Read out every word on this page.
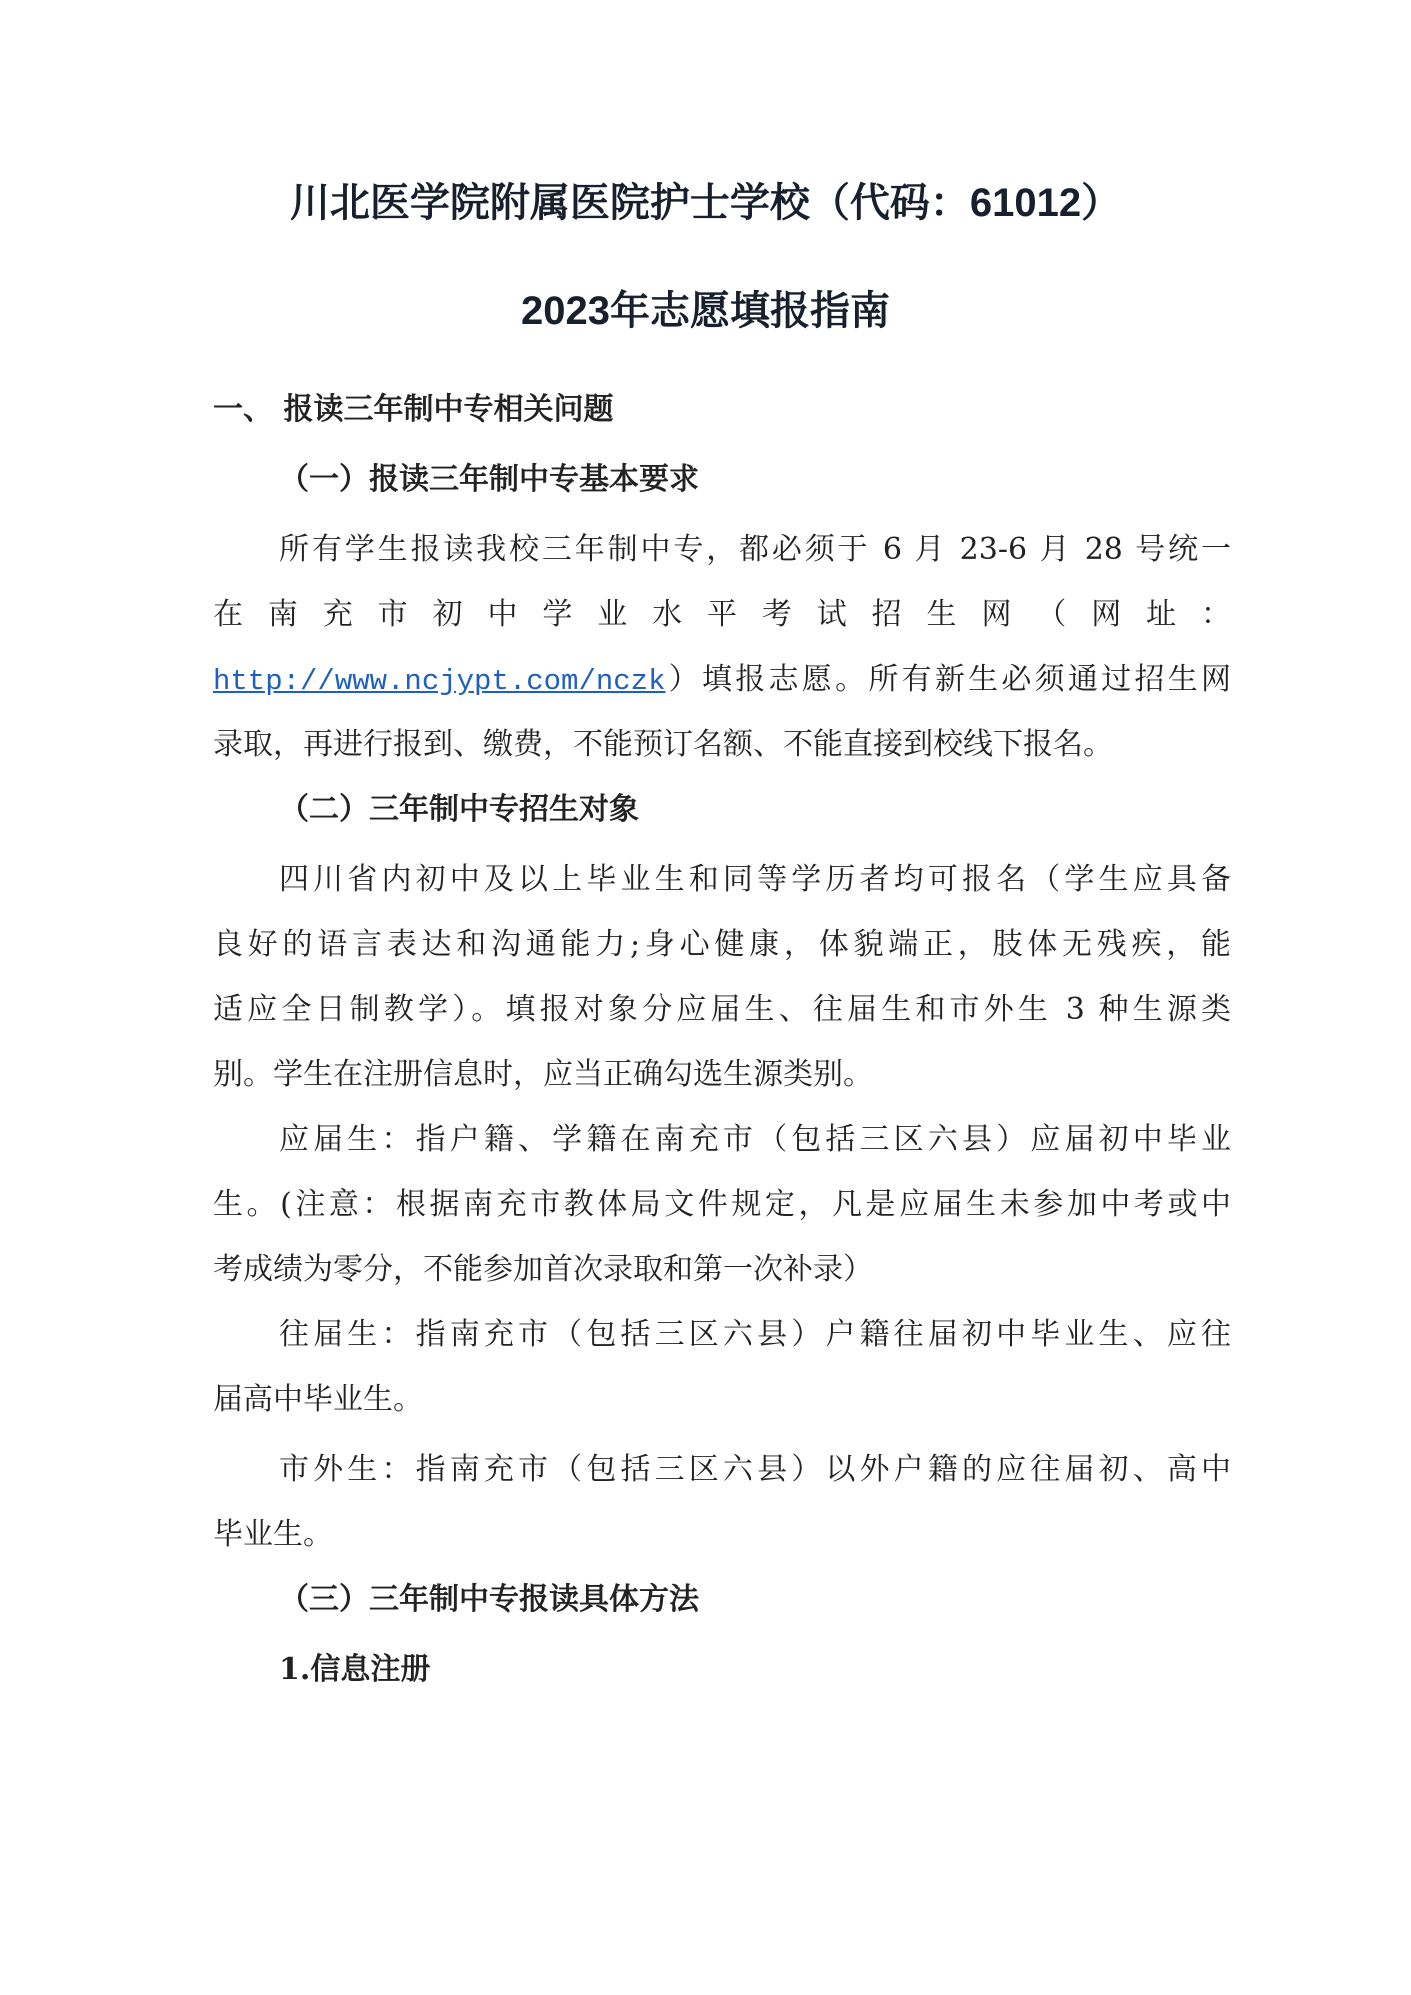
川北医学院附属医院护士学校（代码：61012）
2023年志愿填报指南
一、 报读三年制中专相关问题
（一）报读三年制中专基本要求
所有学生报读我校三年制中专，都必须于 6 月 23-6 月 28 号统一
在南充市初中学业水平考试招生网（网址：
http://www.ncjypt.com/nczk）填报志愿。所有新生必须通过招生网
录取，再进行报到、缴费，不能预订名额、不能直接到校线下报名。
（二）三年制中专招生对象
四川省内初中及以上毕业生和同等学历者均可报名（学生应具备
良好的语言表达和沟通能力;身心健康，体貌端正，肢体无残疾，能
适应全日制教学）。填报对象分应届生、往届生和市外生 3 种生源类
别。学生在注册信息时，应当正确勾选生源类别。
应届生：指户籍、学籍在南充市（包括三区六县）应届初中毕业
生。(注意：根据南充市教体局文件规定，凡是应届生未参加中考或中
考成绩为零分，不能参加首次录取和第一次补录）
往届生：指南充市（包括三区六县）户籍往届初中毕业生、应往
届高中毕业生。
市外生：指南充市（包括三区六县）以外户籍的应往届初、高中
毕业生。
（三）三年制中专报读具体方法
1.信息注册
